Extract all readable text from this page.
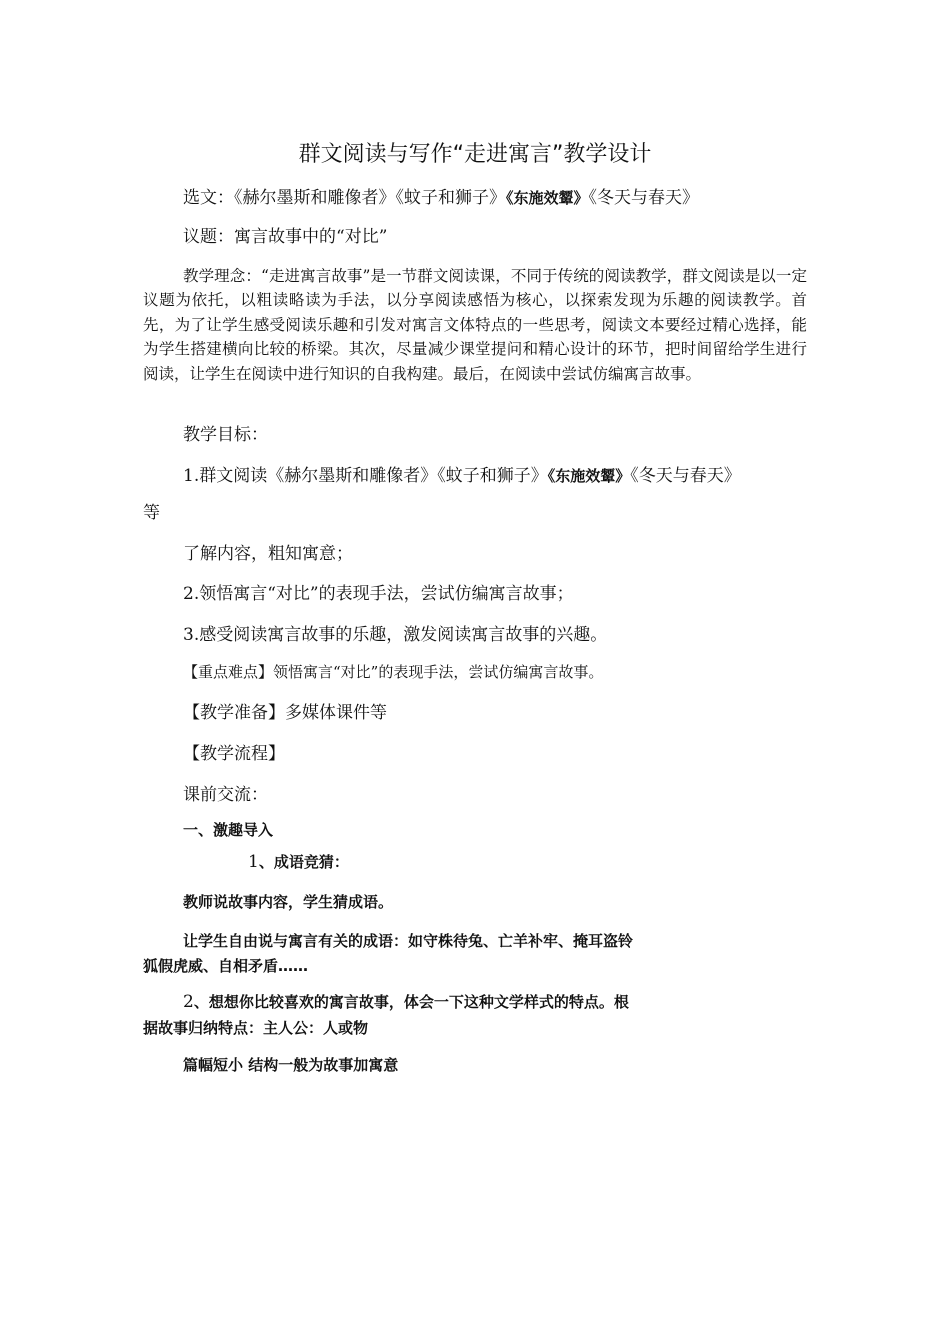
群文阅读与写作“走进寓言”教学设计
选文：《赫尔墨斯和雕像者》《蚊子和狮子》《东施效颦》《冬天与春天》
议题：寓言故事中的“对比”
教学理念：“走进寓言故事”是一节群文阅读课，不同于传统的阅读教学，群文阅读是以一定议题为依托，以粗读略读为手法，以分享阅读感悟为核心，以探索发现为乐趣的阅读教学。首先，为了让学生感受阅读乐趣和引发对寓言文体特点的一些思考，阅读文本要经过精心选择，能为学生搭建横向比较的桥梁。其次，尽量减少课堂提问和精心设计的环节，把时间留给学生进行阅读，让学生在阅读中进行知识的自我构建。最后，在阅读中尝试仿编寓言故事。
教学目标：
1.群文阅读《赫尔墨斯和雕像者》《蚊子和狮子》《东施效颦》《冬天与春天》
等
了解内容，粗知寓意；
2.领悟寓言“对比”的表现手法，尝试仿编寓言故事；
3.感受阅读寓言故事的乐趣，激发阅读寓言故事的兴趣。
【重点难点】领悟寓言“对比”的表现手法，尝试仿编寓言故事。
【教学准备】多媒体课件等
【教学流程】
课前交流：
一、激趣导入
1、成语竞猜：
教师说故事内容，学生猜成语。
让学生自由说与寓言有关的成语：如守株待兔、亡羊补牢、掩耳盗铃
狐假虎威、自相矛盾……
2、想想你比较喜欢的寓言故事，体会一下这种文学样式的特点。根
据故事归纳特点：主人公：人或物
篇幅短小 结构一般为故事加寓意
